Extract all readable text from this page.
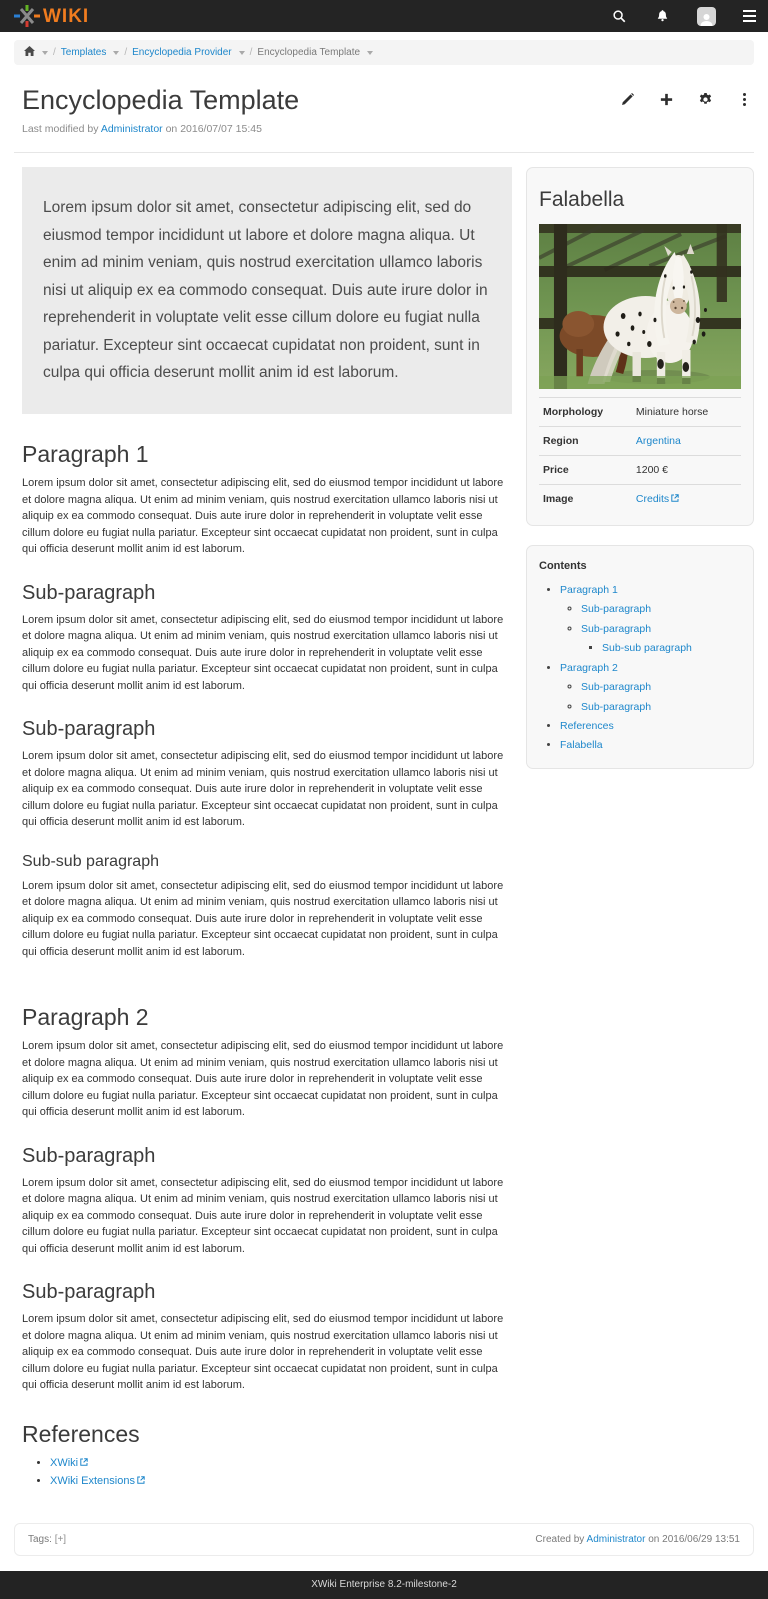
WIKI
/ Templates / Encyclopedia Provider / Encyclopedia Template
Encyclopedia Template

Last modified by Administrator on 2016/07/07 15:45

Lorem ipsum dolor sit amet, consectetur adipiscing elit, sed do eiusmod tempor incididunt ut labore et dolore magna aliqua. Ut enim ad minim veniam, quis nostrud exercitation ullamco laboris nisi ut aliquip ex ea commodo consequat. Duis aute irure dolor in reprehenderit in voluptate velit esse cillum dolore eu fugiat nulla pariatur. Excepteur sint occaecat cupidatat non proident, sunt in culpa qui officia deserunt mollit anim id est laborum.
Paragraph 1

Lorem ipsum dolor sit amet, consectetur adipiscing elit, sed do eiusmod tempor incididunt ut labore et dolore magna aliqua. Ut enim ad minim veniam, quis nostrud exercitation ullamco laboris nisi ut aliquip ex ea commodo consequat. Duis aute irure dolor in reprehenderit in voluptate velit esse cillum dolore eu fugiat nulla pariatur. Excepteur sint occaecat cupidatat non proident, sunt in culpa qui officia deserunt mollit anim id est laborum.

Sub-paragraph

Lorem ipsum dolor sit amet, consectetur adipiscing elit, sed do eiusmod tempor incididunt ut labore et dolore magna aliqua. Ut enim ad minim veniam, quis nostrud exercitation ullamco laboris nisi ut aliquip ex ea commodo consequat. Duis aute irure dolor in reprehenderit in voluptate velit esse cillum dolore eu fugiat nulla pariatur. Excepteur sint occaecat cupidatat non proident, sunt in culpa qui officia deserunt mollit anim id est laborum.

Sub-paragraph

Lorem ipsum dolor sit amet, consectetur adipiscing elit, sed do eiusmod tempor incididunt ut labore et dolore magna aliqua. Ut enim ad minim veniam, quis nostrud exercitation ullamco laboris nisi ut aliquip ex ea commodo consequat. Duis aute irure dolor in reprehenderit in voluptate velit esse cillum dolore eu fugiat nulla pariatur. Excepteur sint occaecat cupidatat non proident, sunt in culpa qui officia deserunt mollit anim id est laborum.

Sub-sub paragraph

Lorem ipsum dolor sit amet, consectetur adipiscing elit, sed do eiusmod tempor incididunt ut labore et dolore magna aliqua. Ut enim ad minim veniam, quis nostrud exercitation ullamco laboris nisi ut aliquip ex ea commodo consequat. Duis aute irure dolor in reprehenderit in voluptate velit esse cillum dolore eu fugiat nulla pariatur. Excepteur sint occaecat cupidatat non proident, sunt in culpa qui officia deserunt mollit anim id est laborum.

Paragraph 2

Lorem ipsum dolor sit amet, consectetur adipiscing elit, sed do eiusmod tempor incididunt ut labore et dolore magna aliqua. Ut enim ad minim veniam, quis nostrud exercitation ullamco laboris nisi ut aliquip ex ea commodo consequat. Duis aute irure dolor in reprehenderit in voluptate velit esse cillum dolore eu fugiat nulla pariatur. Excepteur sint occaecat cupidatat non proident, sunt in culpa qui officia deserunt mollit anim id est laborum.

Sub-paragraph

Lorem ipsum dolor sit amet, consectetur adipiscing elit, sed do eiusmod tempor incididunt ut labore et dolore magna aliqua. Ut enim ad minim veniam, quis nostrud exercitation ullamco laboris nisi ut aliquip ex ea commodo consequat. Duis aute irure dolor in reprehenderit in voluptate velit esse cillum dolore eu fugiat nulla pariatur. Excepteur sint occaecat cupidatat non proident, sunt in culpa qui officia deserunt mollit anim id est laborum.

Sub-paragraph

Lorem ipsum dolor sit amet, consectetur adipiscing elit, sed do eiusmod tempor incididunt ut labore et dolore magna aliqua. Ut enim ad minim veniam, quis nostrud exercitation ullamco laboris nisi ut aliquip ex ea commodo consequat. Duis aute irure dolor in reprehenderit in voluptate velit esse cillum dolore eu fugiat nulla pariatur. Excepteur sint occaecat cupidatat non proident, sunt in culpa qui officia deserunt mollit anim id est laborum.

References
• XWiki
• XWiki Extensions
Falabella
Morphology	Miniature horse
Region	Argentina
Price	1200 €
Image	Credits
Contents
• Paragraph 1
◦ Sub-paragraph
◦ Sub-paragraph
▪ Sub-sub paragraph
• Paragraph 2
◦ Sub-paragraph
◦ Sub-paragraph
• References
• Falabella
Tags: [+]	Created by Administrator on 2016/06/29 13:51
XWiki Enterprise 8.2-milestone-2
